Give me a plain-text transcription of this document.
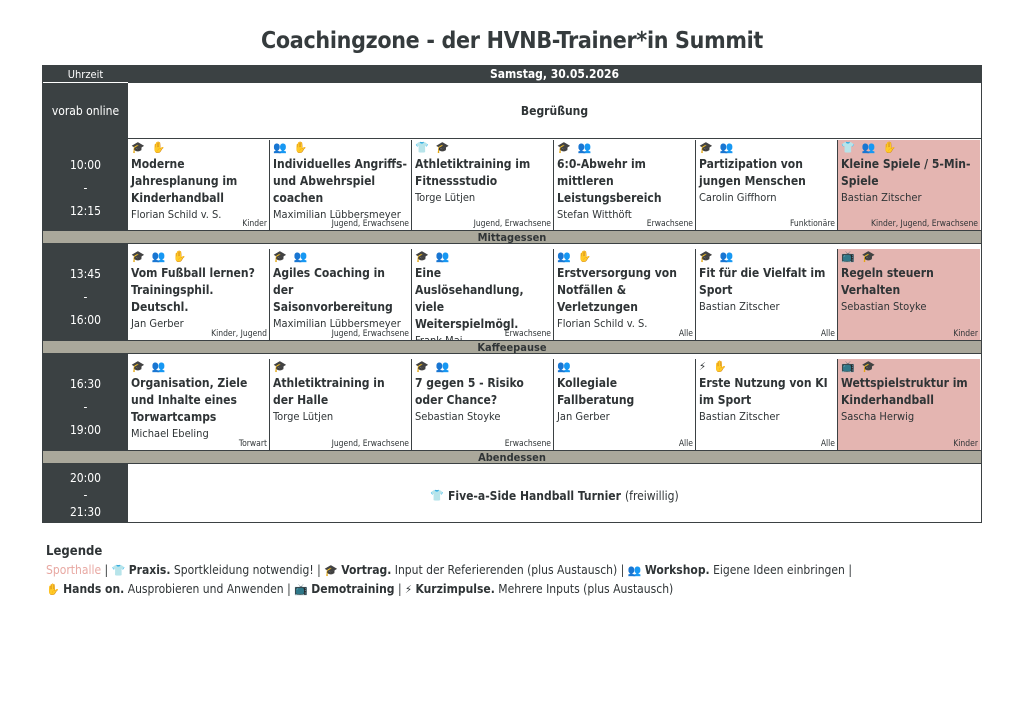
Coachingzone - der HVNB-Trainer*in Summit
Uhrzeit	Samstag, 30.05.2026
vorab online	Begrüßung
10:00
-
12:15
🎓 ✋
Moderne Jahresplanung im Kinderhandball
Florian Schild v. S.
Kinder
👥 ✋
Individuelles Angriffs- und Abwehrspiel coachen
Maximilian Lübbersmeyer
Jugend, Erwachsene
👕 🎓
Athletiktraining im Fitnessstudio
Torge Lütjen
Jugend, Erwachsene
🎓 👥
6:0-Abwehr im mittleren Leistungsbereich
Stefan Witthöft
Erwachsene
🎓 👥
Partizipation von jungen Menschen
Carolin Giffhorn
Funktionäre
👕 👥 ✋
Kleine Spiele / 5-Min-Spiele
Bastian Zitscher
Kinder, Jugend, Erwachsene
Mittagessen
13:45
-
16:00
🎓 👥 ✋
Vom Fußball lernen? Trainingsphil. Deutschl.
Jan Gerber
Kinder, Jugend
🎓 👥
Agiles Coaching in der Saisonvorbereitung
Maximilian Lübbersmeyer
Jugend, Erwachsene
🎓 👥
Eine Auslösehandlung, viele Weiterspielmögl.
Erwachsene
👥 ✋
Erstversorgung von Notfällen & Verletzungen
Florian Schild v. S.
Alle
🎓 👥
Fit für die Vielfalt im Sport
Bastian Zitscher
Alle
📺 🎓
Regeln steuern Verhalten
Sebastian Stoyke
Kinder
Kaffeepause
16:30
-
19:00
🎓 👥
Organisation, Ziele und Inhalte eines Torwartcamps
Michael Ebeling
Torwart
🎓
Athletiktraining in der Halle
Torge Lütjen
Jugend, Erwachsene
🎓 👥
7 gegen 5 - Risiko oder Chance?
Sebastian Stoyke
Erwachsene
👥
Kollegiale Fallberatung
Jan Gerber
Alle
⚡ ✋
Erste Nutzung von KI im Sport
Bastian Zitscher
Alle
📺 🎓
Wettspielstruktur im Kinderhandball
Sascha Herwig
Kinder
Abendessen
20:00
-
21:30
👕 Five-a-Side Handball Turnier (freiwillig)
Legende
Sporthalle | 👕 Praxis. Sportkleidung notwendig! | 🎓 Vortrag. Input der Referierenden (plus Austausch) | 👥 Workshop. Eigene Ideen einbringen |
✋ Hands on. Ausprobieren und Anwenden | 📺 Demotraining | ⚡ Kurzimpulse. Mehrere Inputs (plus Austausch)
